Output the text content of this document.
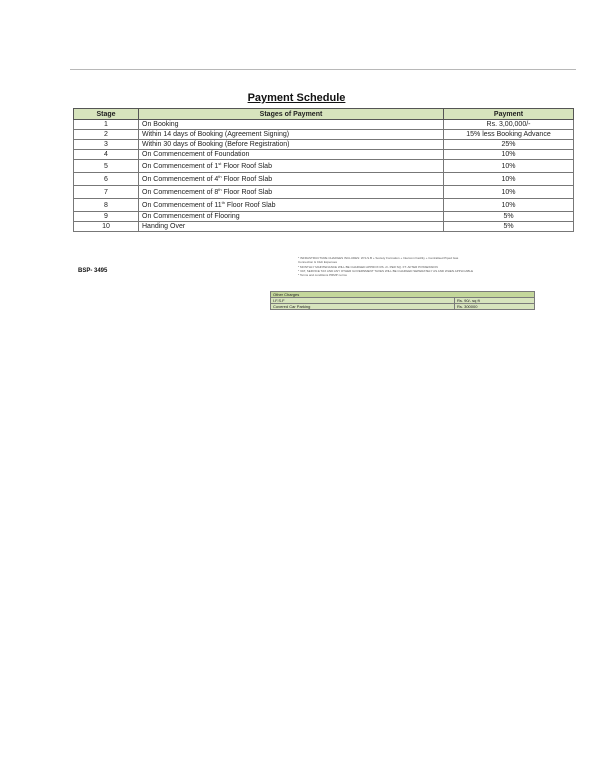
Payment Schedule
Stage	Stages of Payment	Payment
1	On Booking	Rs. 3,00,000/-
2	Within 14 days of Booking (Agreement Signing)	15% less Booking Advance
3	Within 30 days of Booking (Before Registration)	25%
4	On Commencement of Foundation	10%
5	On Commencement of 1st Floor Roof Slab	10%
6	On Commencement of 4th Floor Roof Slab	10%
7	On Commencement of 8th Floor Roof Slab	10%
8	On Commencement of 11th Floor Roof Slab	10%
9	On Commencement of Flooring	5%
10	Handing Over	5%
BSP- 3495
* INFRASTRUCTURE CHARGES INCLUDES: W.S.S.B + Society Formation + Intercom Facility + Centralised Piped Gas
Connection & Club Expenses
* MONTHLY MAINTENANCE WILL BE CHARGED APPROX RS. 2/- PER SQ. FT. AFTER POSSESSION
* VAT, SERVICE TAX AND ANY OTHER GOVERNMENT TAXES WILL BE CHARGED SEPERATELY AS AND WHEN APPLICABLE
* Terms and conditions PRMP norms
Other Charges	
I.F.S.F	Rs. 90/- sq ft
Covered Car Parking	Rs. 300000
